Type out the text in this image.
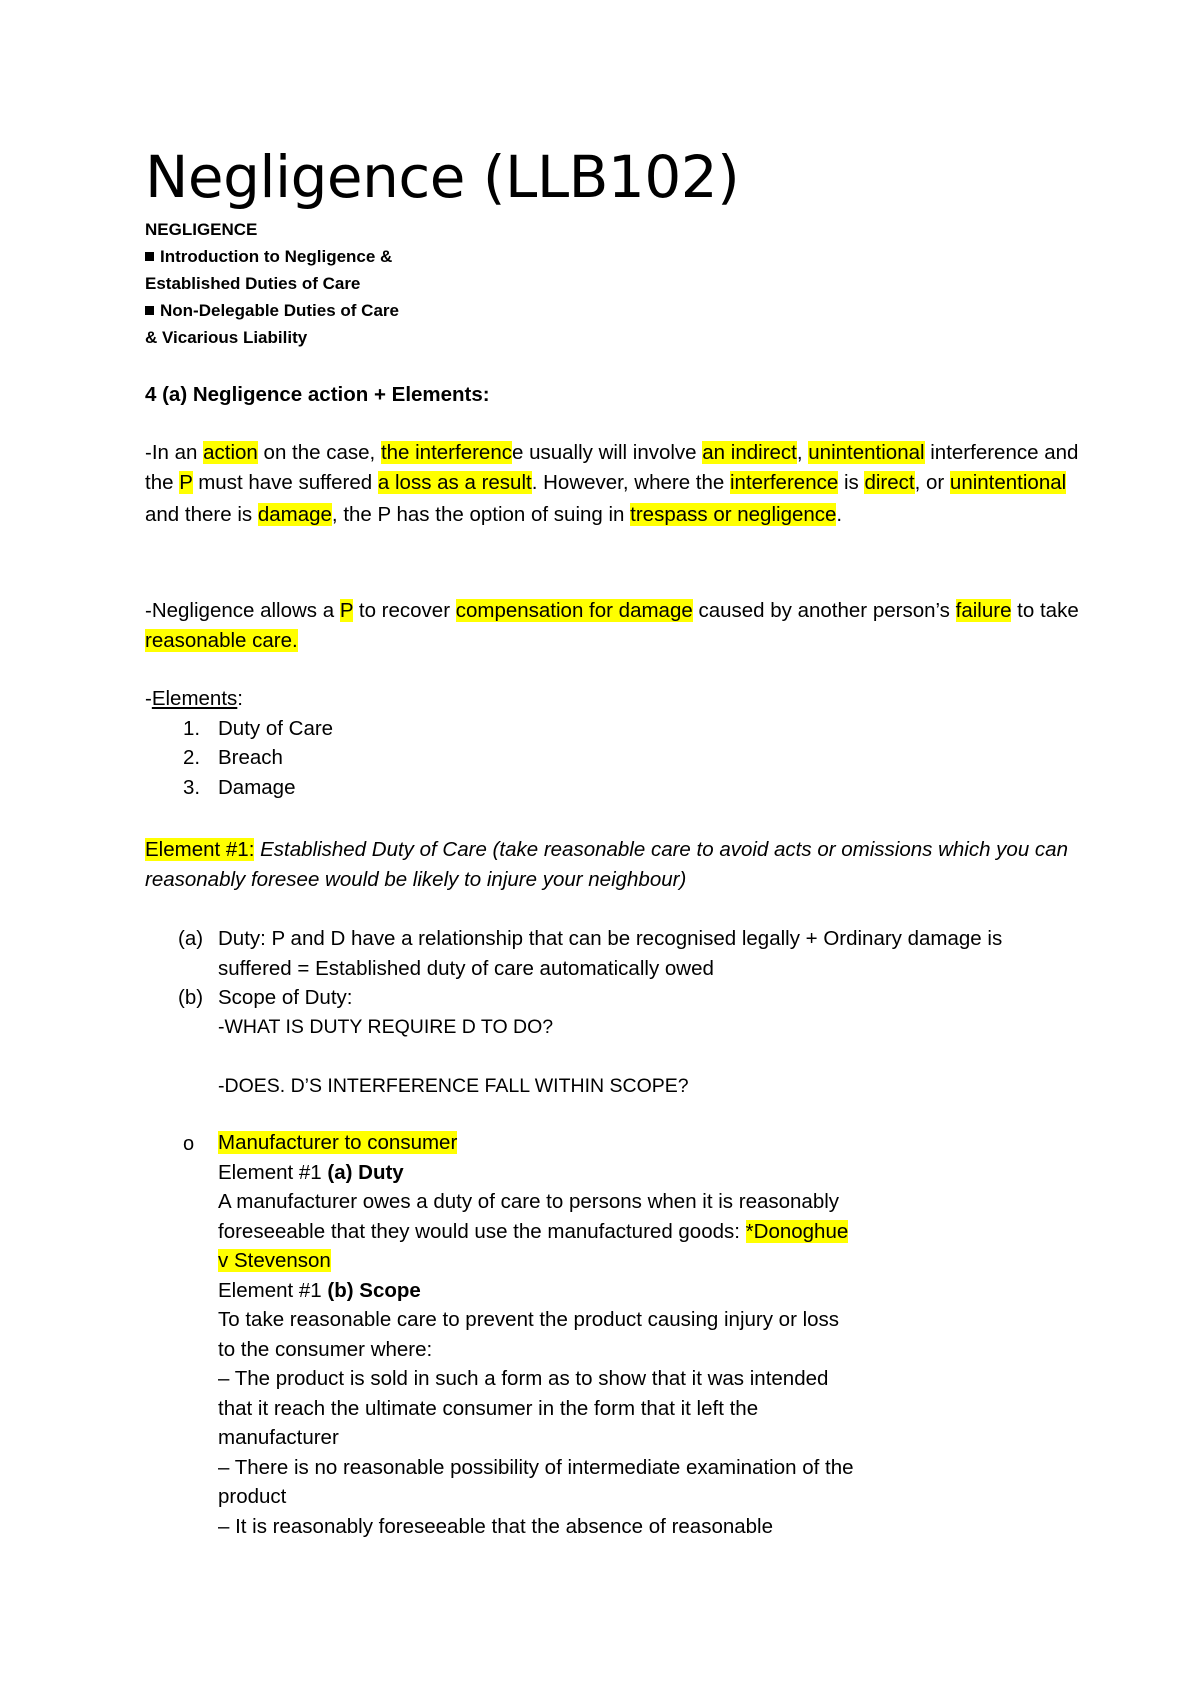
Negligence (LLB102)
NEGLIGENCE
Introduction to Negligence &
Established Duties of Care
Non-Delegable Duties of Care
& Vicarious Liability
4 (a) Negligence action + Elements:
-In an action on the case, the interference usually will involve an indirect, unintentional interference and the P must have suffered a loss as a result. However, where the interference is direct, or unintentional and there is damage, the P has the option of suing in trespass or negligence.
-Negligence allows a P to recover compensation for damage caused by another person’s failure to take reasonable care.
-Elements:
1. Duty of Care
2. Breach
3. Damage
Element #1: Established Duty of Care (take reasonable care to avoid acts or omissions which you can reasonably foresee would be likely to injure your neighbour)
(a) Duty: P and D have a relationship that can be recognised legally + Ordinary damage is suffered = Established duty of care automatically owed
(b) Scope of Duty:
-WHAT IS DUTY REQUIRE D TO DO?

-DOES. D’S INTERFERENCE FALL WITHIN SCOPE?
o Manufacturer to consumer
Element #1 (a) Duty
A manufacturer owes a duty of care to persons when it is reasonably foreseeable that they would use the manufactured goods: *Donoghue v Stevenson
Element #1 (b) Scope
To take reasonable care to prevent the product causing injury or loss to the consumer where:
– The product is sold in such a form as to show that it was intended that it reach the ultimate consumer in the form that it left the manufacturer
– There is no reasonable possibility of intermediate examination of the product
– It is reasonably foreseeable that the absence of reasonable
